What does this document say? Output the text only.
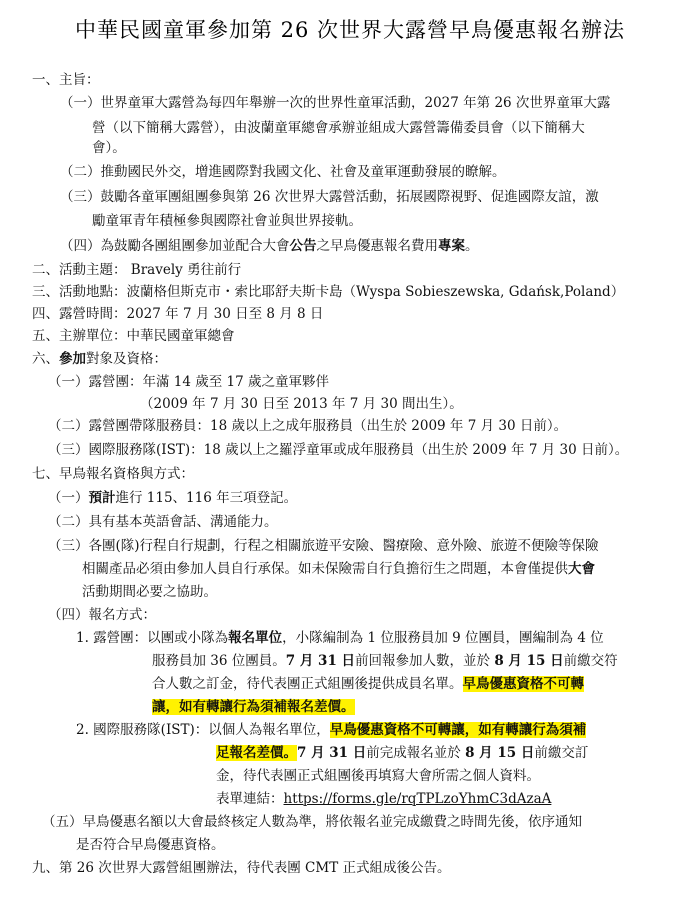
中華民國童軍參加第 26 次世界大露營早鳥優惠報名辦法
一、主旨：
（一）世界童軍大露營為每四年舉辦一次的世界性童軍活動，2027 年第 26 次世界童軍大露
營（以下簡稱大露營），由波蘭童軍總會承辦並組成大露營籌備委員會（以下簡稱大
會）。
（二）推動國民外交，增進國際對我國文化、社會及童軍運動發展的瞭解。
（三）鼓勵各童軍團組團參與第 26 次世界大露營活動，拓展國際視野、促進國際友誼，激
勵童軍青年積極參與國際社會並與世界接軌。
（四）為鼓勵各團組團參加並配合大會公告之早鳥優惠報名費用專案。
二、活動主題： Bravely 勇往前行
三、活動地點：波蘭格但斯克市・索比耶舒夫斯卡島（Wyspa Sobieszewska, Gdańsk,Poland）
四、露營時間：2027 年 7 月 30 日至 8 月 8 日
五、主辦單位：中華民國童軍總會
六、參加對象及資格：
（一）露營團：年滿 14 歲至 17 歲之童軍夥伴
（2009 年 7 月 30 日至 2013 年 7 月 30 間出生）。
（二）露營團帶隊服務員：18 歲以上之成年服務員（出生於 2009 年 7 月 30 日前）。
（三）國際服務隊(IST)：18 歲以上之羅浮童軍或成年服務員（出生於 2009 年 7 月 30 日前）。
七、早鳥報名資格與方式：
（一）預計進行 115、116 年三項登記。
（二）具有基本英語會話、溝通能力。
（三）各團(隊)行程自行規劃，行程之相關旅遊平安險、醫療險、意外險、旅遊不便險等保險
相關產品必須由參加人員自行承保。如未保險需自行負擔衍生之問題，本會僅提供大會
活動期間必要之協助。
（四）報名方式：
1. 露營團：以團或小隊為報名單位，小隊編制為 1 位服務員加 9 位團員，團編制為 4 位
服務員加 36 位團員。7 月 31 日前回報參加人數，並於 8 月 15 日前繳交符
合人數之訂金，待代表團正式組團後提供成員名單。早鳥優惠資格不可轉
讓，如有轉讓行為須補報名差價。
2. 國際服務隊(IST)：以個人為報名單位，早鳥優惠資格不可轉讓，如有轉讓行為須補
足報名差價。7 月 31 日前完成報名並於 8 月 15 日前繳交訂
金，待代表團正式組團後再填寫大會所需之個人資料。
表單連結：https://forms.gle/rqTPLzoYhmC3dAzaA
（五）早鳥優惠名額以大會最終核定人數為準，將依報名並完成繳費之時間先後，依序通知
是否符合早鳥優惠資格。
九、第 26 次世界大露營組團辦法，待代表團 CMT 正式組成後公告。
